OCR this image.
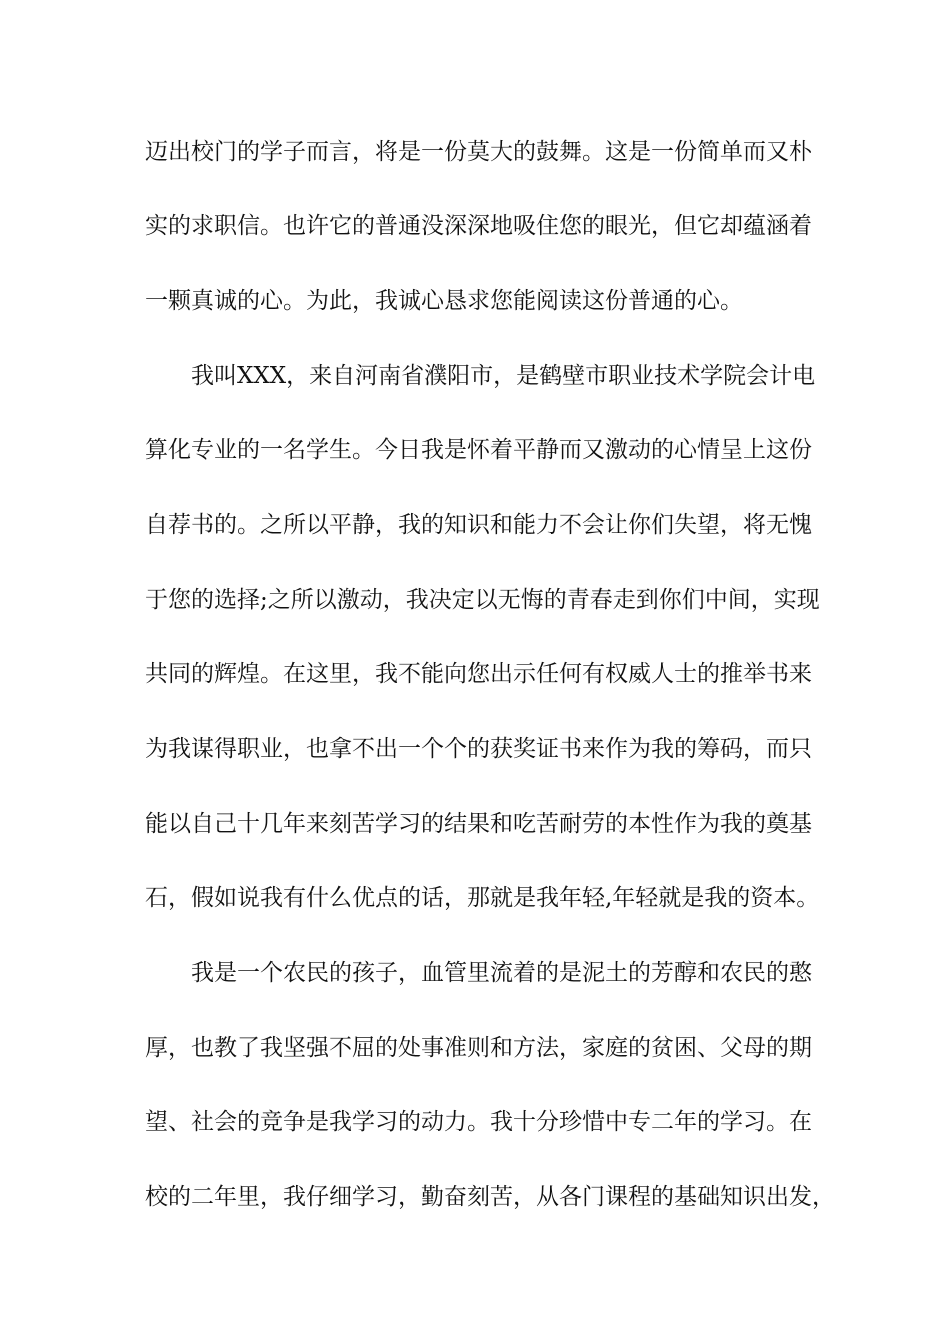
迈出校门的学子而言，将是一份莫大的鼓舞。这是一份简单而又朴
实的求职信。也许它的普通没深深地吸住您的眼光，但它却蕴涵着
一颗真诚的心。为此，我诚心恳求您能阅读这份普通的心。
我叫XXX，来自河南省濮阳市，是鹤壁市职业技术学院会计电
算化专业的一名学生。今日我是怀着平静而又激动的心情呈上这份
自荐书的。之所以平静，我的知识和能力不会让你们失望，将无愧
于您的选择;之所以激动，我决定以无悔的青春走到你们中间，实现
共同的辉煌。在这里，我不能向您出示任何有权威人士的推举书来
为我谋得职业，也拿不出一个个的获奖证书来作为我的筹码，而只
能以自己十几年来刻苦学习的结果和吃苦耐劳的本性作为我的奠基
石，假如说我有什么优点的话，那就是我年轻,年轻就是我的资本。
我是一个农民的孩子，血管里流着的是泥土的芳醇和农民的憨
厚，也教了我坚强不屈的处事准则和方法，家庭的贫困、父母的期
望、社会的竞争是我学习的动力。我十分珍惜中专二年的学习。在
校的二年里，我仔细学习，勤奋刻苦，从各门课程的基础知识出发，
